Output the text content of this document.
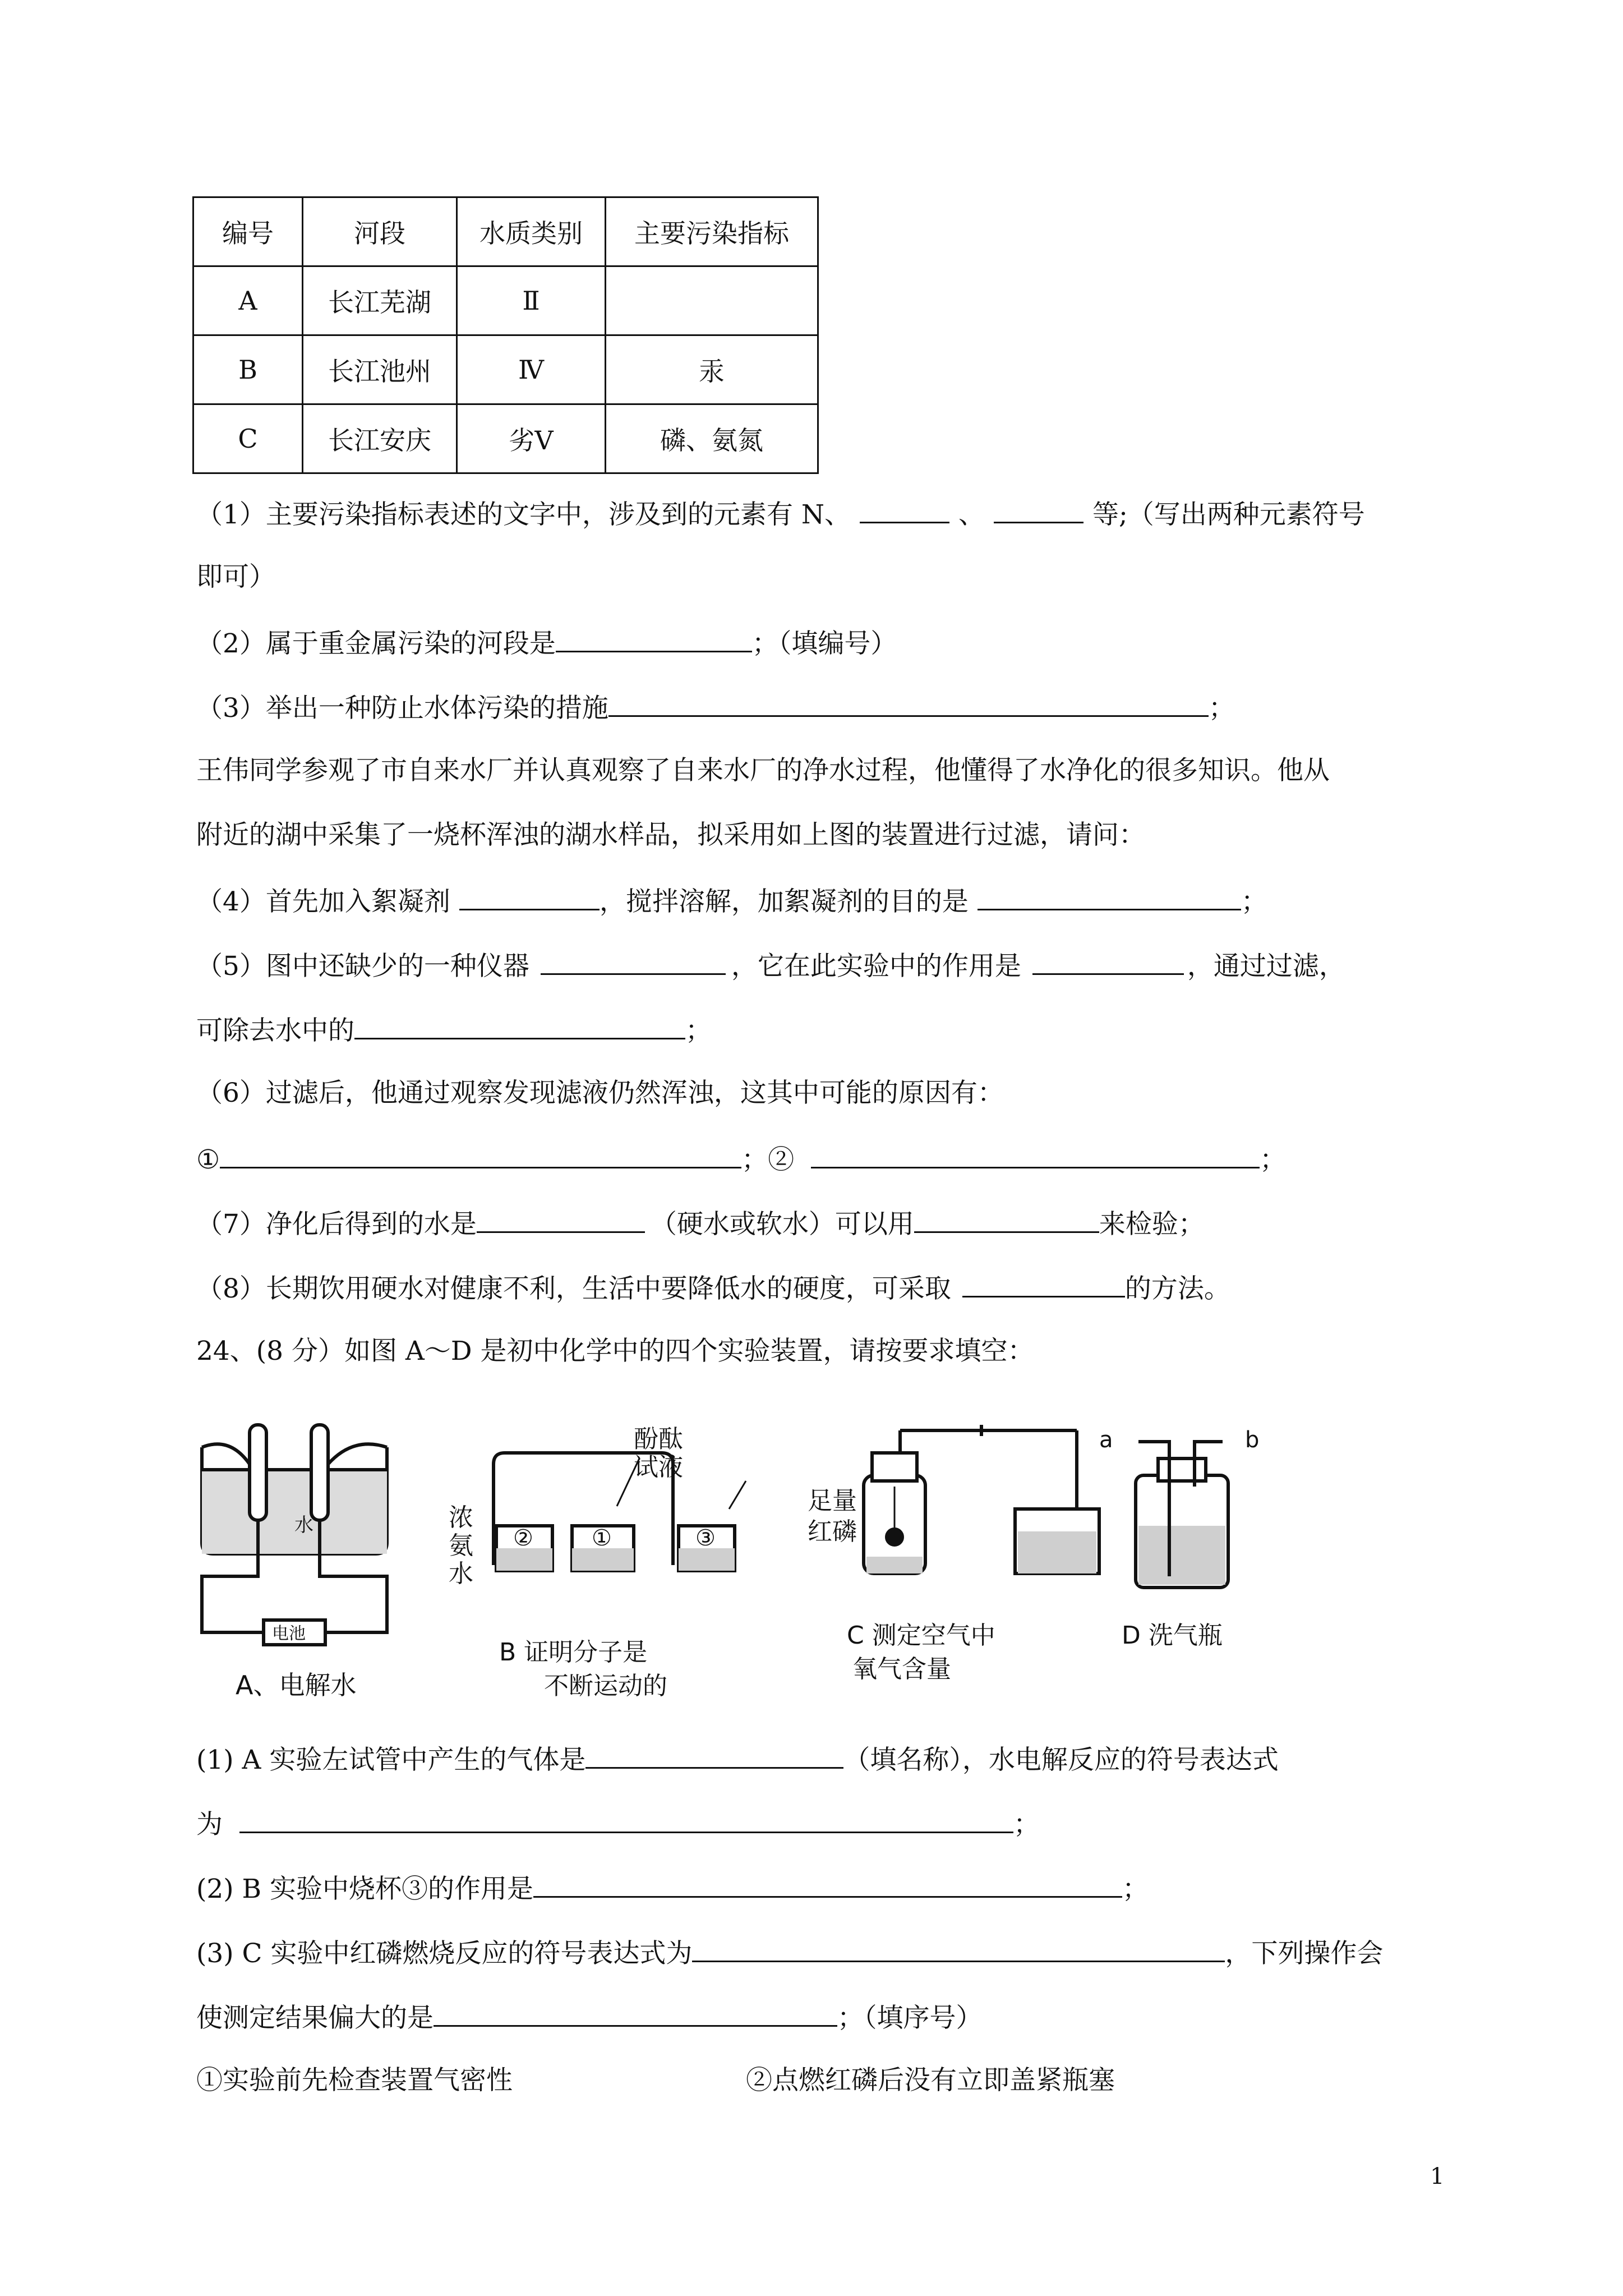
编号	河段	水质类别	主要污染指标
A	长江芜湖	Ⅱ	
B	长江池州	Ⅳ	汞
C	长江安庆	劣Ⅴ	磷、氨氮
（1）主要污染指标表述的文字中，涉及到的元素有 N、	、	等;（写出两种元素符号
即可）
（2）属于重金属污染的河段是	；（填编号）
（3）举出一种防止水体污染的措施	；
王伟同学参观了市自来水厂并认真观察了自来水厂的净水过程，他懂得了水净化的很多知识。他从
附近的湖中采集了一烧杯浑浊的湖水样品，拟采用如上图的装置进行过滤，请问：
（4）首先加入絮凝剂	，搅拌溶解，加絮凝剂的目的是	；
（5）图中还缺少的一种仪器	，它在此实验中的作用是	，通过过滤，
可除去水中的	；
（6）过滤后，他通过观察发现滤液仍然浑浊，这其中可能的原因有：
①	；②	；
（7）净化后得到的水是	（硬水或软水）可以用	来检验；
（8）长期饮用硬水对健康不利，生活中要降低水的硬度，可采取	的方法。
24、(8 分）如图 A～D 是初中化学中的四个实验装置，请按要求填空：
水
电池
A、电解水
浓
氨
水
酚酞
试液
②	①	③
B 证明分子是
不断运动的
足量
红磷
C 测定空气中
氧气含量
a	b
D 洗气瓶
(1) A 实验左试管中产生的气体是	（填名称），水电解反应的符号表达式
为	；
(2) B 实验中烧杯③的作用是	；
(3) C 实验中红磷燃烧反应的符号表达式为	，下列操作会
使测定结果偏大的是	；（填序号）
①实验前先检查装置气密性	②点燃红磷后没有立即盖紧瓶塞
1
